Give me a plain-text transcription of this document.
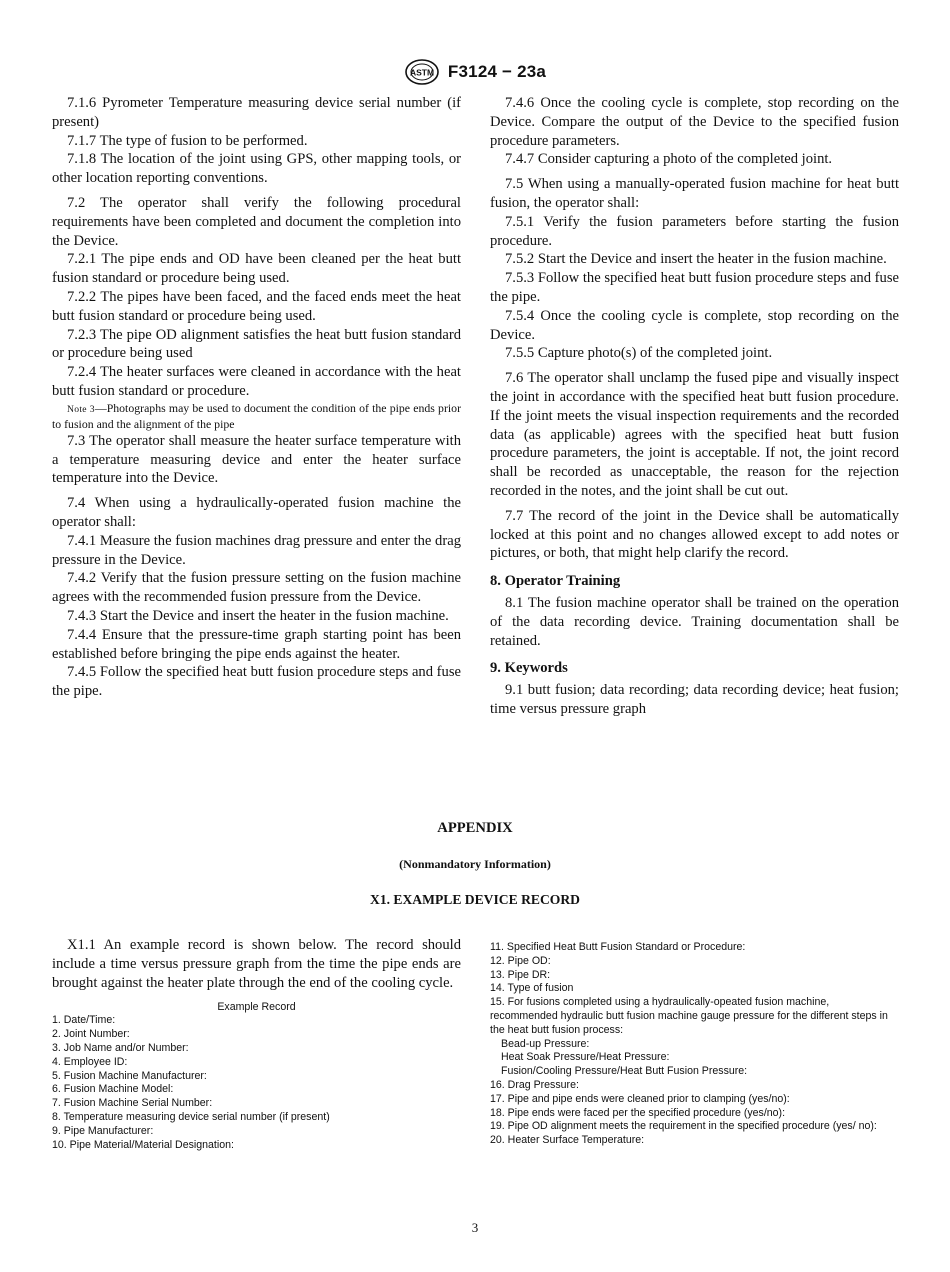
ASTM F3124 − 23a

7.1.6 Pyrometer Temperature measuring device serial number (if present)

7.1.7 The type of fusion to be performed.

7.1.8 The location of the joint using GPS, other mapping tools, or other location reporting conventions.

7.2 The operator shall verify the following procedural requirements have been completed and document the completion into the Device.

7.2.1 The pipe ends and OD have been cleaned per the heat butt fusion standard or procedure being used.

7.2.2 The pipes have been faced, and the faced ends meet the heat butt fusion standard or procedure being used.

7.2.3 The pipe OD alignment satisfies the heat butt fusion standard or procedure being used

7.2.4 The heater surfaces were cleaned in accordance with the heat butt fusion standard or procedure.

Note 3—Photographs may be used to document the condition of the pipe ends prior to fusion and the alignment of the pipe

7.3 The operator shall measure the heater surface temperature with a temperature measuring device and enter the heater surface temperature into the Device.

7.4 When using a hydraulically-operated fusion machine the operator shall:

7.4.1 Measure the fusion machines drag pressure and enter the drag pressure in the Device.

7.4.2 Verify that the fusion pressure setting on the fusion machine agrees with the recommended fusion pressure from the Device.

7.4.3 Start the Device and insert the heater in the fusion machine.

7.4.4 Ensure that the pressure-time graph starting point has been established before bringing the pipe ends against the heater.

7.4.5 Follow the specified heat butt fusion procedure steps and fuse the pipe.

7.4.6 Once the cooling cycle is complete, stop recording on the Device. Compare the output of the Device to the specified fusion procedure parameters.

7.4.7 Consider capturing a photo of the completed joint.

7.5 When using a manually-operated fusion machine for heat butt fusion, the operator shall:

7.5.1 Verify the fusion parameters before starting the fusion procedure.

7.5.2 Start the Device and insert the heater in the fusion machine.

7.5.3 Follow the specified heat butt fusion procedure steps and fuse the pipe.

7.5.4 Once the cooling cycle is complete, stop recording on the Device.

7.5.5 Capture photo(s) of the completed joint.

7.6 The operator shall unclamp the fused pipe and visually inspect the joint in accordance with the specified heat butt fusion procedure. If the joint meets the visual inspection requirements and the recorded data (as applicable) agrees with the specified heat butt fusion procedure parameters, the joint is acceptable. If not, the joint record shall be recorded as unacceptable, the reason for the rejection recorded in the notes, and the joint shall be cut out.

7.7 The record of the joint in the Device shall be automatically locked at this point and no changes allowed except to add notes or pictures, or both, that might help clarify the record.

8. Operator Training

8.1 The fusion machine operator shall be trained on the operation of the data recording device. Training documentation shall be retained.

9. Keywords

9.1 butt fusion; data recording; data recording device; heat fusion; time versus pressure graph

APPENDIX
(Nonmandatory Information)
X1. EXAMPLE DEVICE RECORD

X1.1 An example record is shown below. The record should include a time versus pressure graph from the time the pipe ends are brought against the heater plate through the end of the cooling cycle.

Example Record
1. Date/Time:
2. Joint Number:
3. Job Name and/or Number:
4. Employee ID:
5. Fusion Machine Manufacturer:
6. Fusion Machine Model:
7. Fusion Machine Serial Number:
8. Temperature measuring device serial number (if present)
9. Pipe Manufacturer:
10. Pipe Material/Material Designation:
11. Specified Heat Butt Fusion Standard or Procedure:
12. Pipe OD:
13. Pipe DR:
14. Type of fusion
15. For fusions completed using a hydraulically-opeated fusion machine, recommended hydraulic butt fusion machine gauge pressure for the different steps in the heat butt fusion process:
Bead-up Pressure:
Heat Soak Pressure/Heat Pressure:
Fusion/Cooling Pressure/Heat Butt Fusion Pressure:
16. Drag Pressure:
17. Pipe and pipe ends were cleaned prior to clamping (yes/no):
18. Pipe ends were faced per the specified procedure (yes/no):
19. Pipe OD alignment meets the requirement in the specified procedure (yes/ no):
20. Heater Surface Temperature:
3
